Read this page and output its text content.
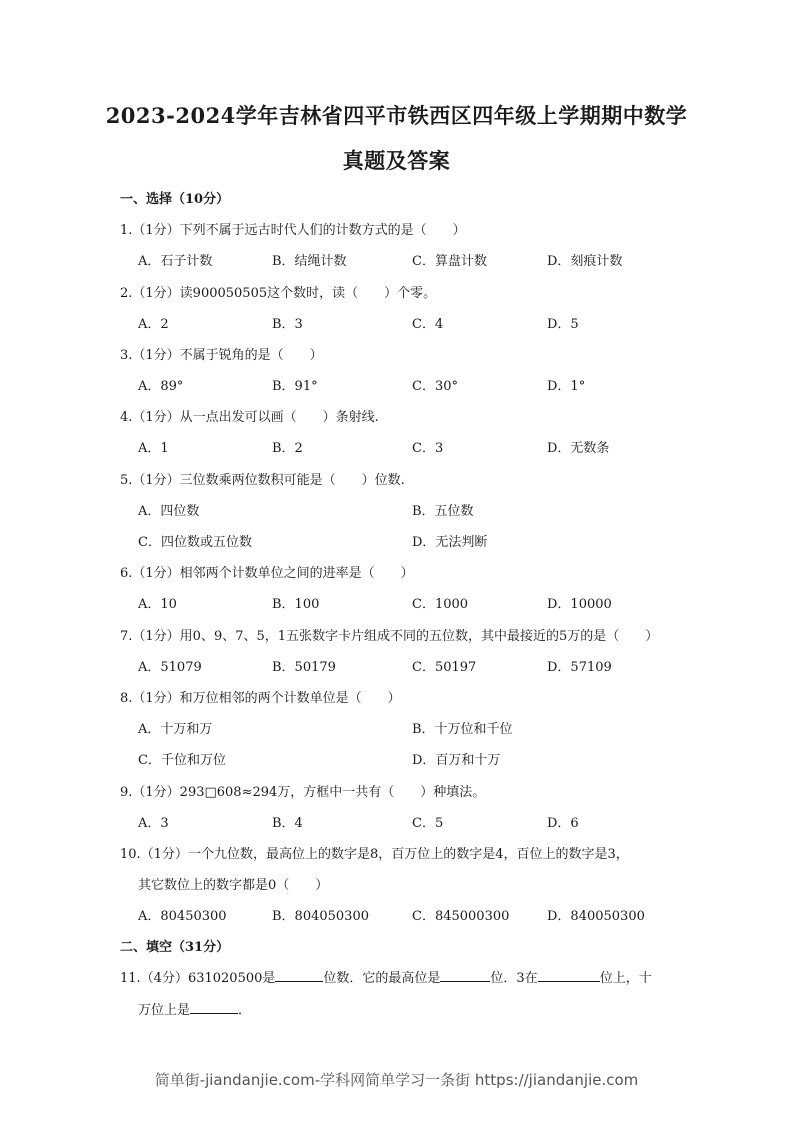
2023-2024学年吉林省四平市铁西区四年级上学期期中数学
真题及答案
一、选择（10分）
1.（1分）下列不属于远古时代人们的计数方式的是（　　）
A．石子计数	B．结绳计数	C．算盘计数	D．刻痕计数
2.（1分）读900050505这个数时，读（　　）个零。
A．2	B．3	C．4	D．5
3.（1分）不属于锐角的是（　　）
A．89°	B．91°	C．30°	D．1°
4.（1分）从一点出发可以画（　　）条射线.
A．1	B．2	C．3	D．无数条
5.（1分）三位数乘两位数积可能是（　　）位数.
A．四位数	B．五位数
C．四位数或五位数	D．无法判断
6.（1分）相邻两个计数单位之间的进率是（　　）
A．10	B．100	C．1000	D．10000
7.（1分）用0、9、7、5，1五张数字卡片组成不同的五位数，其中最接近的5万的是（　　）
A．51079	B．50179	C．50197	D．57109
8.（1分）和万位相邻的两个计数单位是（　　）
A．十万和万	B．十万位和千位
C．千位和万位	D．百万和十万
9.（1分）293□608≈294万，方框中一共有（　　）种填法。
A．3	B．4	C．5	D．6
10.（1分）一个九位数，最高位上的数字是8，百万位上的数字是4，百位上的数字是3，
其它数位上的数字都是0（　　）
A．80450300	B．804050300	C．845000300	D．840050300
二、填空（31分）
11.（4分）631020500是	位数．它的最高位是	位．3在	位上，十
万位上是	．
简单街-jiandanjie.com-学科网简单学习一条街 https://jiandanjie.com
